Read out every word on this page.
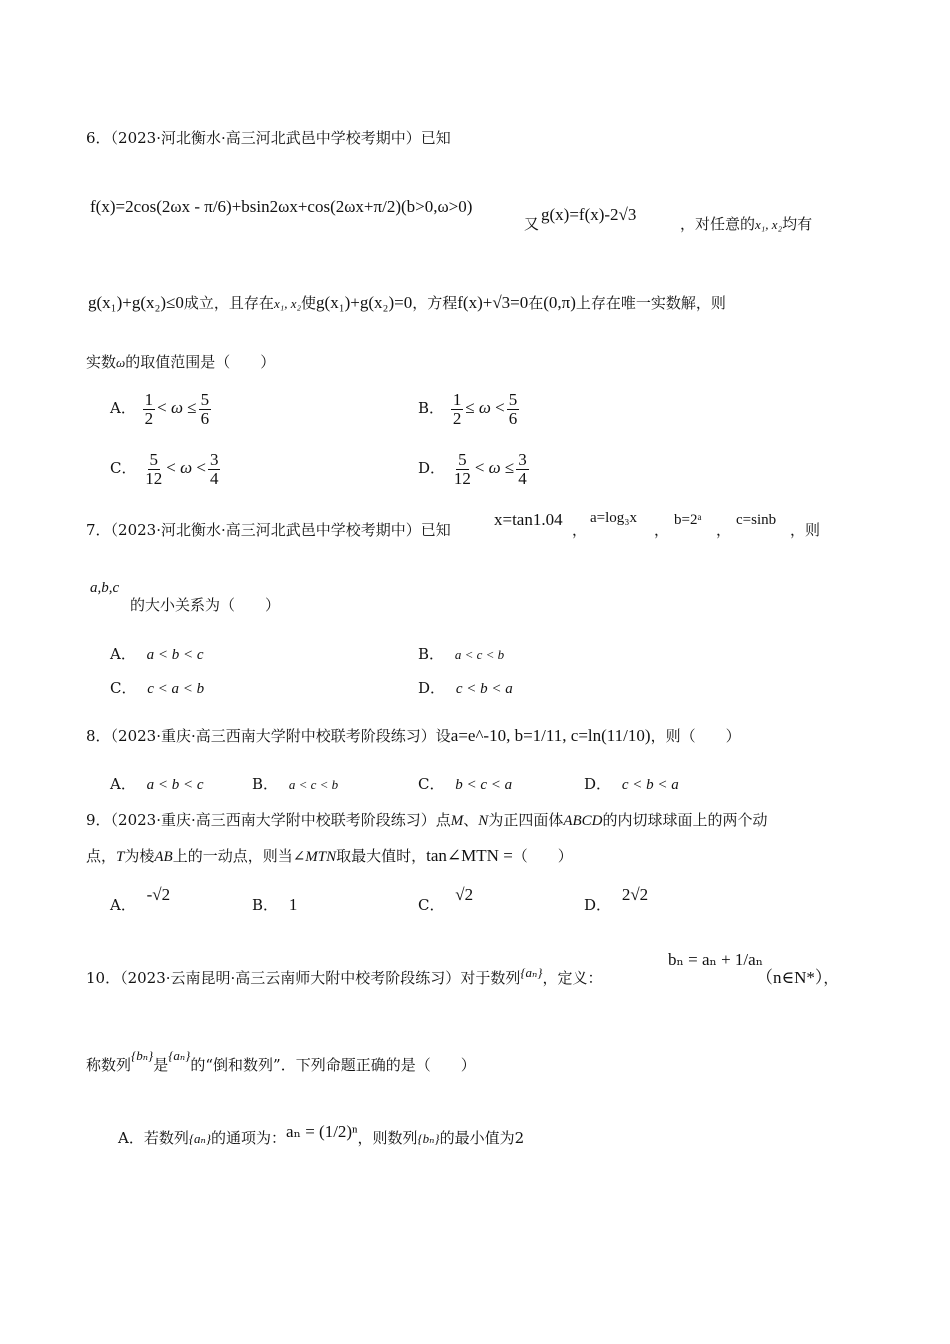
6．（2023·河北衡水·高三河北武邑中学校考期中）已知
f(x)=2cos(2ωx - π/6)+bsin2ωx+cos(2ωx+π/2)(b>0,ω>0)
又 g(x)=f(x)-2√3	，对任意的x₁, x₂均有
g(x₁)+g(x₂)≤0成立，且存在x₁, x₂使g(x₁)+g(x₂)=0，方程f(x)+√3=0在(0,π)上存在唯一实数解，则
实数ω的取值范围是（　　）
A． $\frac{1}{2} < \omega \le \frac{5}{6}$	B． $\frac{1}{2} \le \omega < \frac{5}{6}$
C． $\frac{5}{12} < \omega < \frac{3}{4}$	D． $\frac{5}{12} < \omega \le \frac{3}{4}$
7．（2023·河北衡水·高三河北武邑中学校考期中）已知
x=tan1.04
，
a=log₃x
，
b=2ᵃ
，
c=sinb
，则
a,b,c
的大小关系为（　　）
A． a < b < c	B． a < c < b
C． c < a < b	D． c < b < a
8．（2023·重庆·高三西南大学附中校联考阶段练习）设a=e^-10, b=1/11, c=ln(11/10)，则（　　）
A． a < b < c	B． a < c < b	C． b < c < a	D． c < b < a
9．（2023·重庆·高三西南大学附中校联考阶段练习）点M、N为正四面体ABCD的内切球球面上的两个动
点，T为棱AB上的一动点，则当∠MTN取最大值时，tan∠MTN =（　　）
A． -√2
B． 1	C． √2
D． 2√2
10．（2023·云南昆明·高三云南师大附中校考阶段练习）对于数列{aₙ}，定义：
bₙ = aₙ + 1/aₙ
（n∈N*），
称数列{bₙ}是{aₙ}的“倒和数列”．下列命题正确的是（　　）
A．若数列{aₙ}的通项为：aₙ = (1/2)ⁿ，则数列{bₙ}的最小值为2
